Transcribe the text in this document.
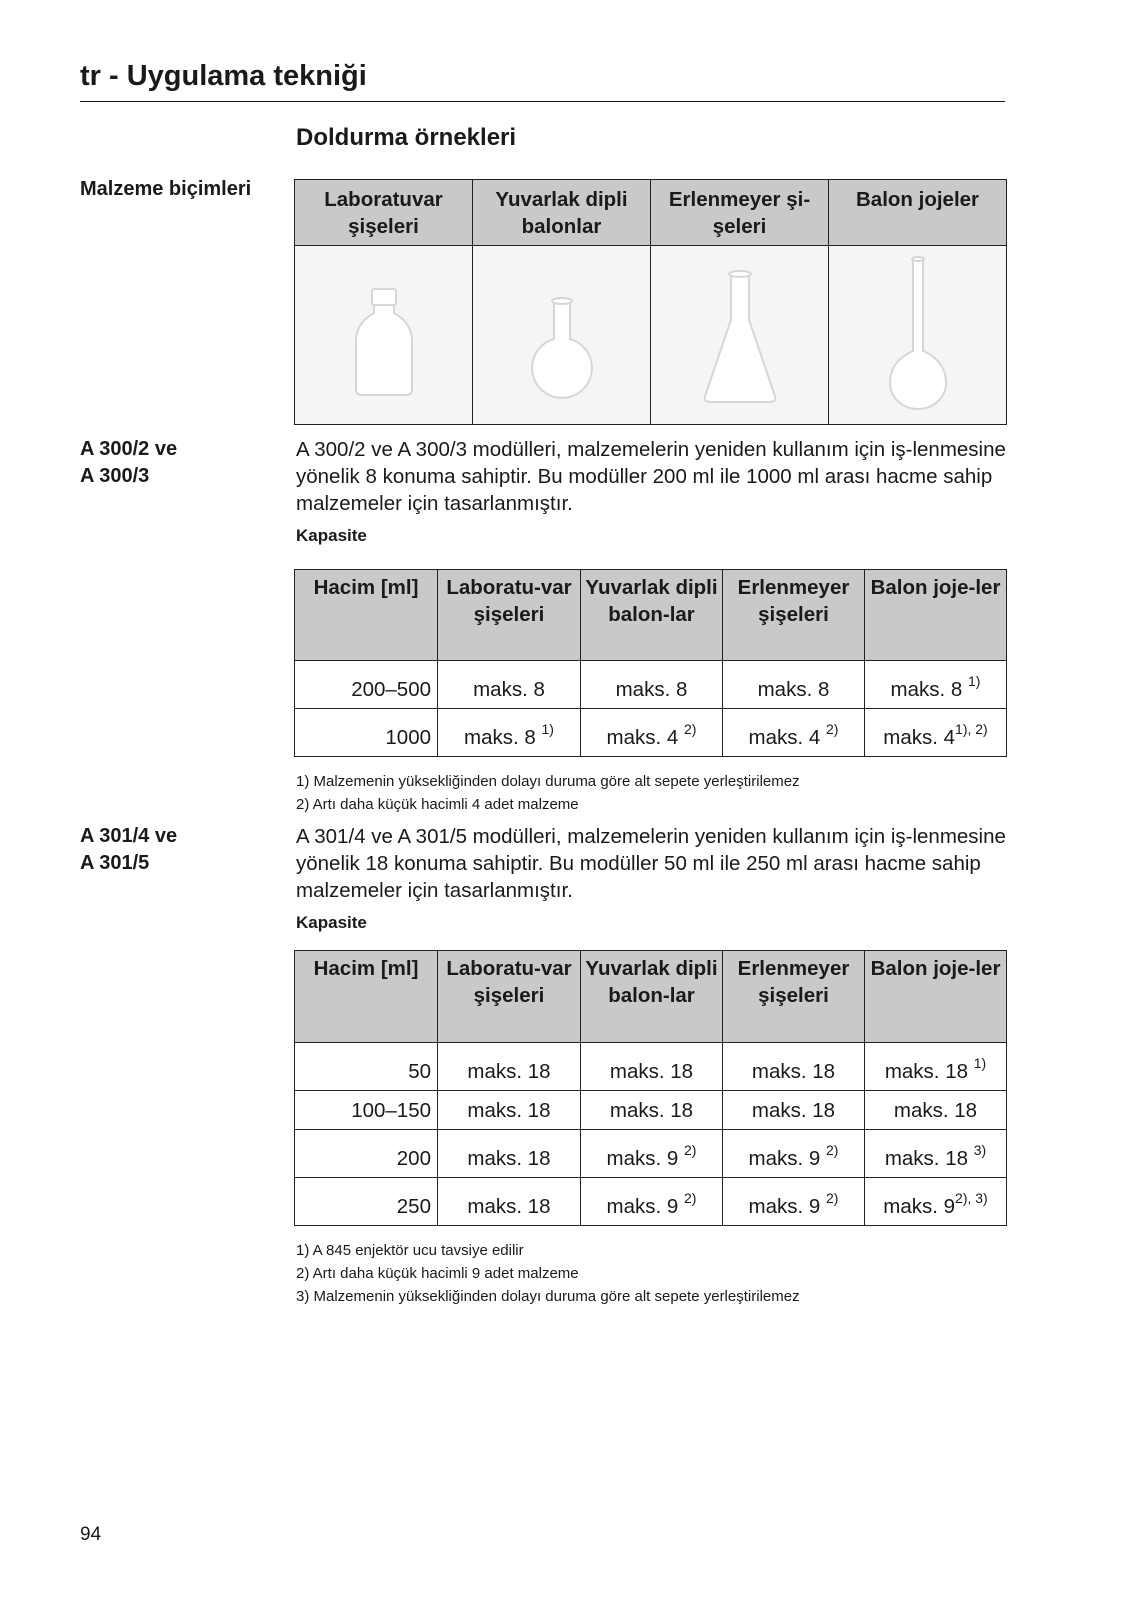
tr - Uygulama tekniği
Doldurma örnekleri
Malzeme biçimleri	Laboratuvar şişeleri	Yuvarlak dipli balonlar	Erlenmeyer şi-şeleri	Balon jojeler

A 300/2 ve
A 300/3
A 300/2 ve A 300/3 modülleri, malzemelerin yeniden kullanım için iş-lenmesine yönelik 8 konuma sahiptir. Bu modüller 200 ml ile 1000 ml arası hacme sahip malzemeler için tasarlanmıştır.
Kapasite
Hacim [ml]	Laboratu-var şişeleri	Yuvarlak dipli balon-lar	Erlenmeyer şişeleri	Balon joje-ler
200–500	maks. 8	maks. 8	maks. 8	maks. 8 $^{1)}$
1000	maks. 8 $^{1)}$	maks. 4 $^{2)}$	maks. 4 $^{2)}$	maks. $4^{1), 2)}$
1) Malzemenin yüksekliğinden dolayı duruma göre alt sepete yerleştirilemez
2) Artı daha küçük hacimli 4 adet malzeme
A 301/4 ve
A 301/5
A 301/4 ve A 301/5 modülleri, malzemelerin yeniden kullanım için iş-lenmesine yönelik 18 konuma sahiptir. Bu modüller 50 ml ile 250 ml arası hacme sahip malzemeler için tasarlanmıştır.
Kapasite
Hacim [ml]	Laboratu-var şişeleri	Yuvarlak dipli balon-lar	Erlenmeyer şişeleri	Balon joje-ler
50	maks. 18	maks. 18	maks. 18	maks. 18 $^{1)}$
100–150	maks. 18	maks. 18	maks. 18	maks. 18
200	maks. 18	maks. 9 $^{2)}$	maks. 9 $^{2)}$	maks. 18 $^{3)}$
250	maks. 18	maks. 9 $^{2)}$	maks. 9 $^{2)}$	maks. $9^{2), 3)}$
1) A 845 enjektör ucu tavsiye edilir
2) Artı daha küçük hacimli 9 adet malzeme
3) Malzemenin yüksekliğinden dolayı duruma göre alt sepete yerleştirilemez
94
